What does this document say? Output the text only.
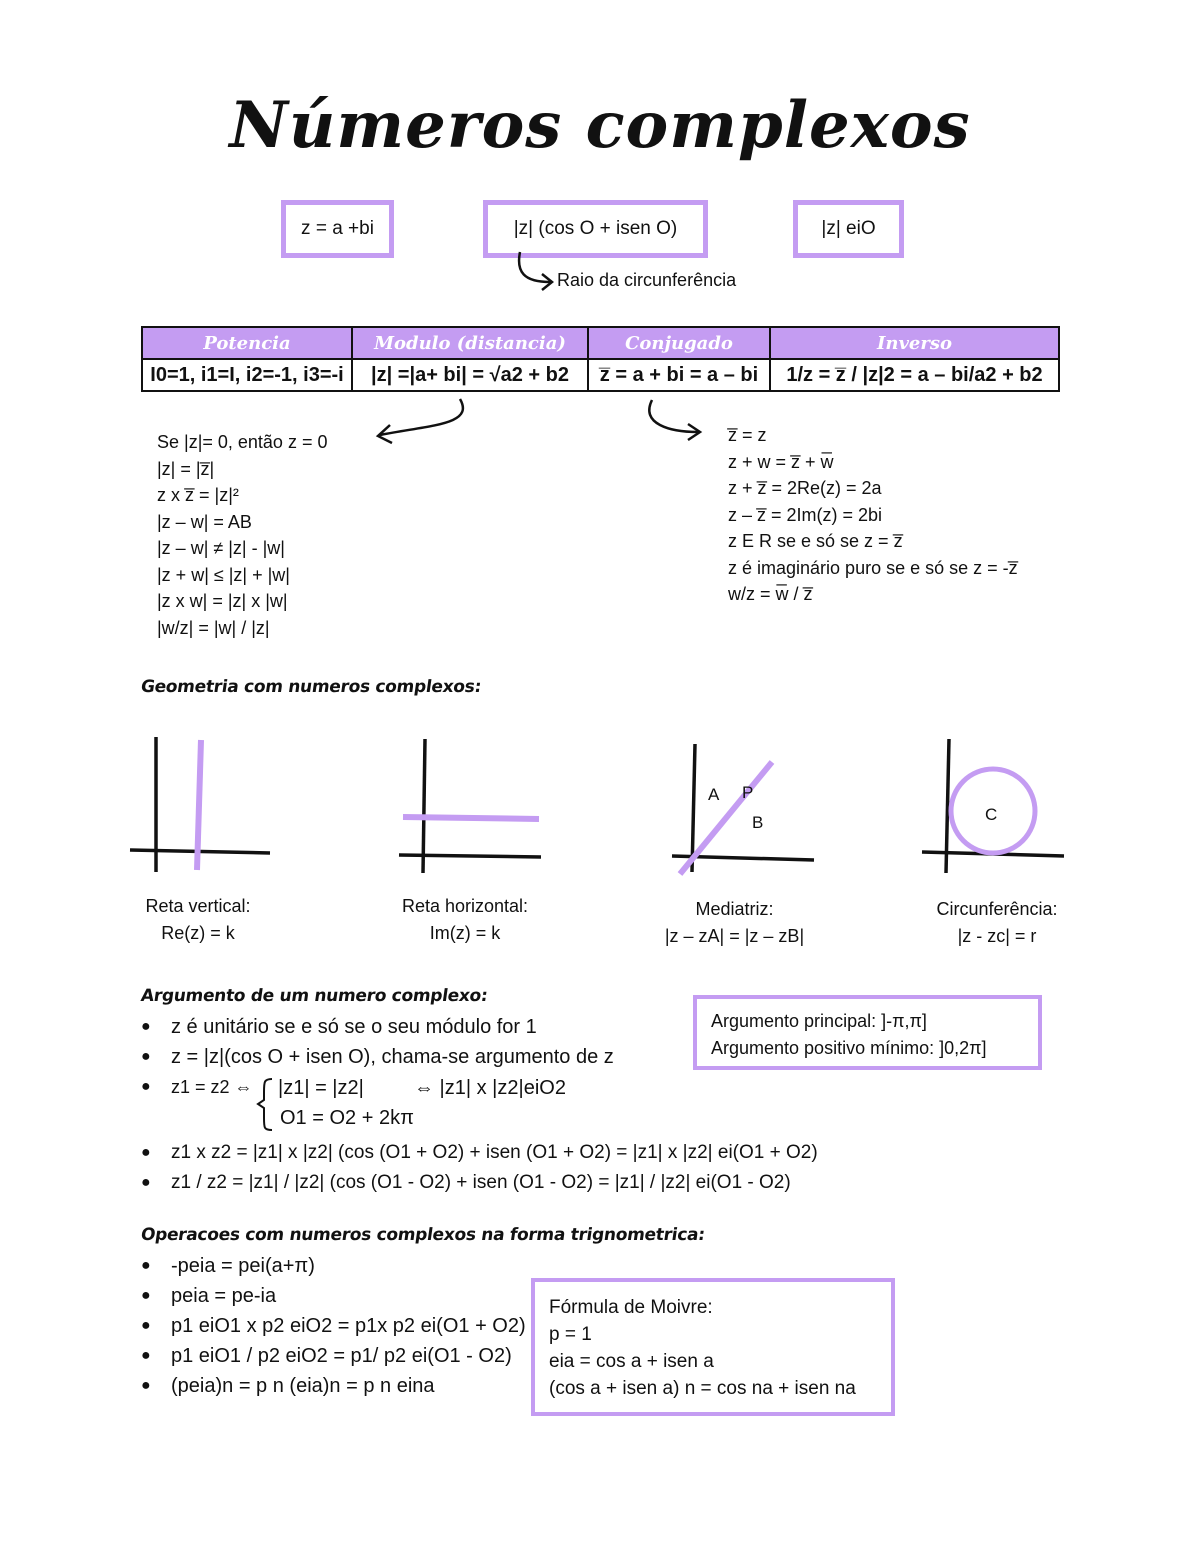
Números complexos
z = a +bi	|z| (cos O + isen O)	|z| eiO
Raio da circunferência
Potencia	Modulo (distancia)	Conjugado	Inverso
I0=1, i1=I, i2=-1, i3=-i	|z| =|a+ bi| = √a2 + b2	z̅ = a + bi = a – bi	1/z = z̅ / |z|2 = a – bi/a2 + b2
Se |z|= 0, então z = 0
|z| = |z̅|
z x z̅ = |z|²
|z – w| = AB
|z – w| ≠ |z| - |w|
|z + w| ≤ |z| + |w|
|z x w| = |z| x |w|
|w/z| = |w| / |z|
z̅ = z
z + w = z̅ + w̅
z + z̅ = 2Re(z) = 2a
z – z̅ = 2Im(z) = 2bi
z E R se e só se z = z̅
z é imaginário puro se e só se z = -z̅
w/z = w̅ / z̅
Geometria com numeros complexos:
Reta vertical:
Re(z) = k
Reta horizontal:
Im(z) = k
A P
B
Mediatriz:
|z – zA| = |z – zB|
C
Circunferência:
|z - zc| = r
Argumento de um numero complexo:
● z é unitário se e só se o seu módulo for 1
● z = |z|(cos O + isen O), chama-se argumento de z
● z1 = z2 ⇔	|z1| = |z2|	⇔ |z1| x |z2|eiO2
O1 = O2 + 2kπ
● z1 x z2 = |z1| x |z2| (cos (O1 + O2) + isen (O1 + O2) = |z1| x |z2| ei(O1 + O2)
● z1 / z2 = |z1| / |z2| (cos (O1 - O2) + isen (O1 - O2) = |z1| / |z2| ei(O1 - O2)
Argumento principal: ]-π,π]
Argumento positivo mínimo: ]0,2π]
Operacoes com numeros complexos na forma trignometrica:
● -peia = pei(a+π)
● peia = pe-ia
● p1 eiO1 x p2 eiO2 = p1x p2 ei(O1 + O2)
● p1 eiO1 / p2 eiO2 = p1/ p2 ei(O1 - O2)
● (peia)n = p n (eia)n = p n eina
Fórmula de Moivre:
p = 1
eia = cos a + isen a
(cos a + isen a) n = cos na + isen na
